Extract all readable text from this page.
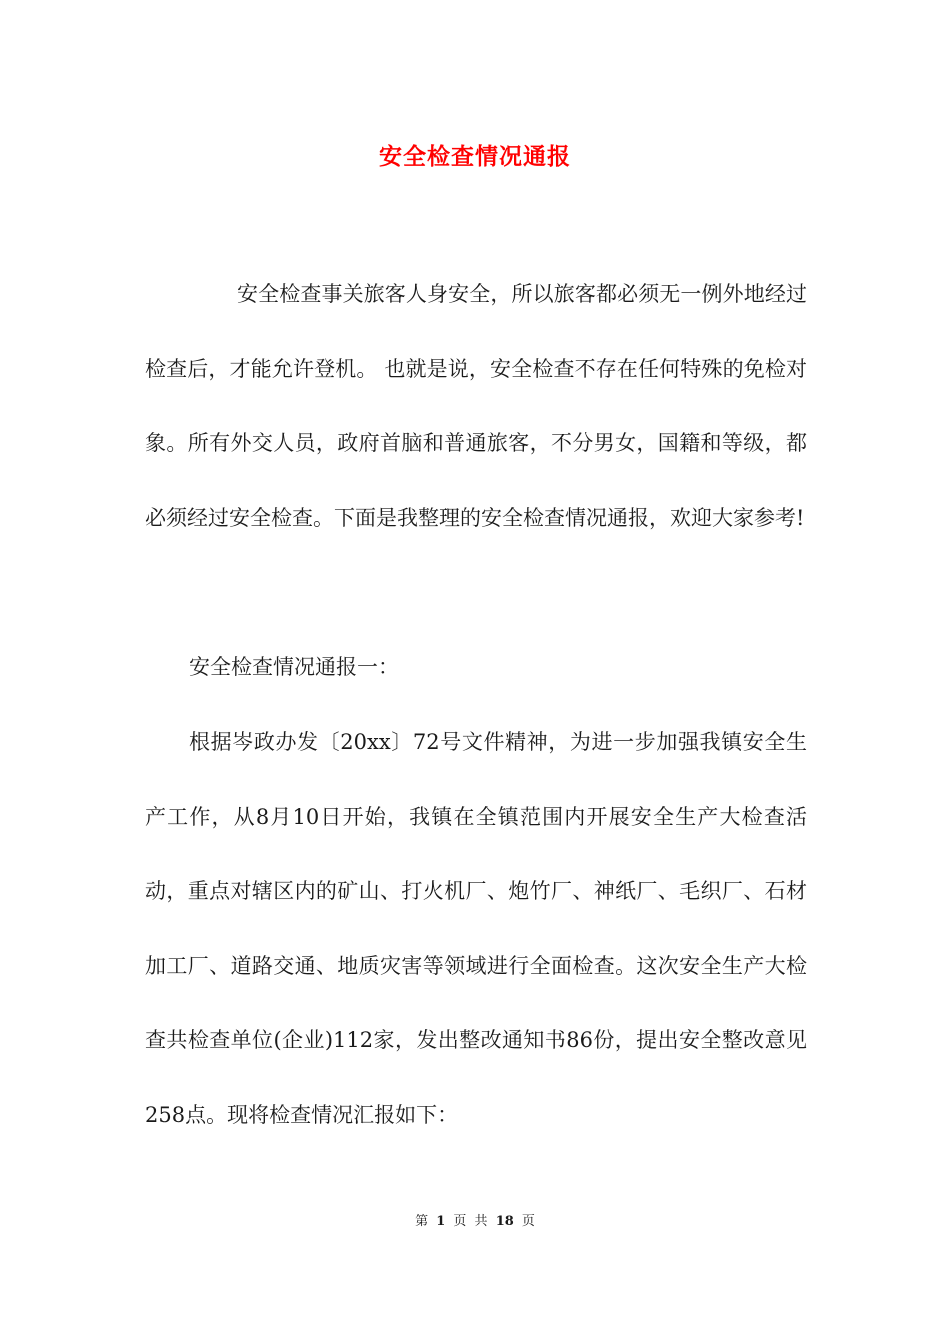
安全检查情况通报

安全检查事关旅客人身安全，所以旅客都必须无一例外地经过检查后，才能允许登机。 也就是说，安全检查不存在任何特殊的免检对象。所有外交人员，政府首脑和普通旅客，不分男女，国籍和等级，都必须经过安全检查。下面是我整理的安全检查情况通报，欢迎大家参考!

安全检查情况通报一：

根据岑政办发〔20xx〕72号文件精神，为进一步加强我镇安全生产工作，从8月10日开始，我镇在全镇范围内开展安全生产大检查活动，重点对辖区内的矿山、打火机厂、炮竹厂、神纸厂、毛织厂、石材加工厂、道路交通、地质灾害等领域进行全面检查。这次安全生产大检查共检查单位(企业)112家，发出整改通知书86份，提出安全整改意见258点。现将检查情况汇报如下：

第 1 页 共 18 页
